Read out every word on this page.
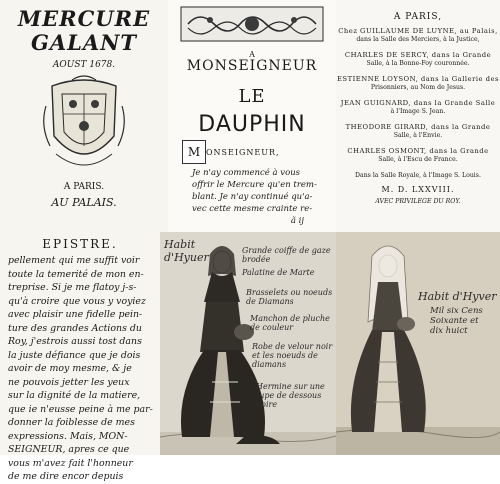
MERCURE
GALANT
AOUST 1678.
A PARIS.
AU PALAIS.
A
MONSEIGNEUR
LE
DAUPHIN
M ONSEIGNEUR,
Je n'ay commencé à vous
offrir le Mercure qu'en trem-
blant. Je n'ay continué qu'a-
vec cette mesme crainte re-
ã ij
A PARIS,
Chez GUILLAUME DE LUYNE, au Palais,
dans la Salle des Merciers, à la Justice,
CHARLES DE SERCY, dans la Grande
Salle, à la Bonne-Foy couronnée.
ESTIENNE LOYSON, dans la Gallerie des
Prisonniers, au Nom de Jesus.
JEAN GUIGNARD, dans la Grande Salle
à l'Image S. Jean.
THEODORE GIRARD, dans la Grande
Salle, à l'Envie.
CHARLES OSMONT, dans la Grande
Salle, à l'Escu de France.
Dans la Salle Royale, à l'Image S. Louis.
M. D. LXXVIII.
AVEC PRIVILEGE DU ROY.
EPISTRE.
pellement qui me suffit voir
toute la temerité de mon en-
treprise. Si je me flatoy j-s-
qu'à croire que vous y voyiez
avec plaisir une fidelle pein-
ture des grandes Actions du
Roy, j'estrois aussi tost dans
la juste défiance que je dois
avoir de moy mesme, & je
ne pouvois jetter les yeux
sur la dignité de la matiere,
que ie n'eusse peine à me par-
donner la foiblesse de mes
expressions. Mais, MON-
SEIGNEUR, apres ce que
vous m'avez fait l'honneur
de me dire encor depuis
Habit
d'Hyuer
Grande coiffe de gaze
brodée
Palatine de Marte
Brasselets ou noeuds
de Diamans
Manchon de pluche
de couleur
Robe de velour noir
et les noeuds de diamans
Hermine sur une
Jupe de dessous noire
Habit d'Hyver
Mil six Cens
Soixante et
dix huict
